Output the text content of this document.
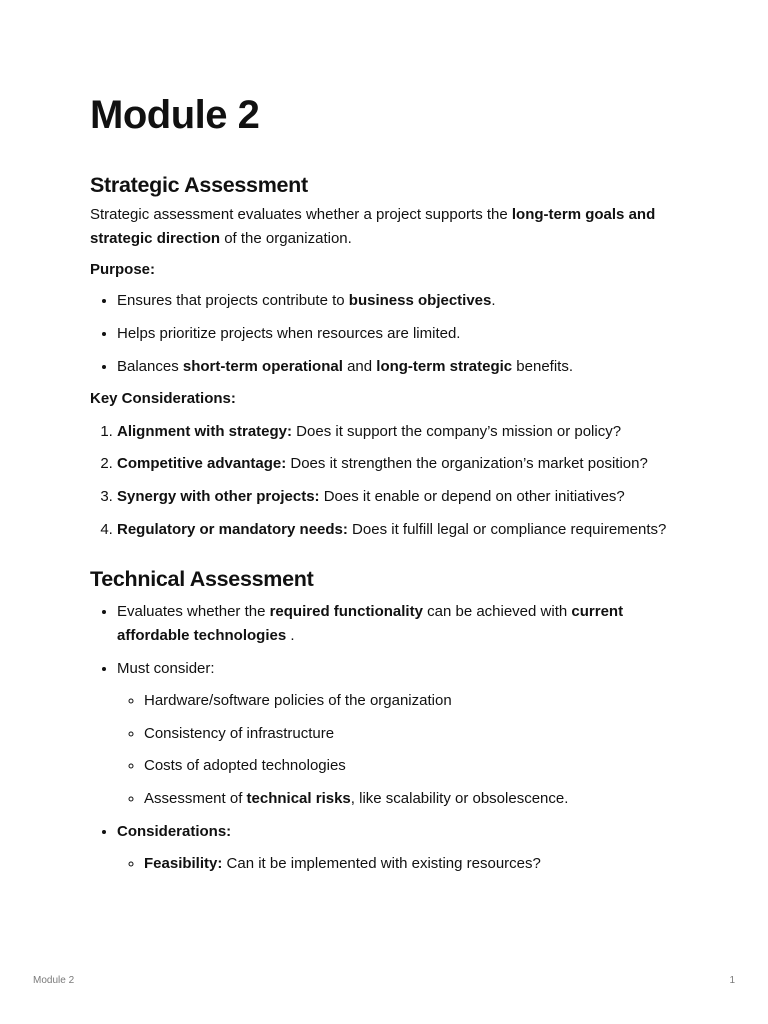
Module 2
Strategic Assessment

Strategic assessment evaluates whether a project supports the long-term goals and strategic direction of the organization.

Purpose:

• Ensures that projects contribute to business objectives.
• Helps prioritize projects when resources are limited.
• Balances short-term operational and long-term strategic benefits.

Key Considerations:

1. Alignment with strategy: Does it support the company’s mission or policy?
2. Competitive advantage: Does it strengthen the organization’s market position?
3. Synergy with other projects: Does it enable or depend on other initiatives?
4. Regulatory or mandatory needs: Does it fulfill legal or compliance requirements?
Technical Assessment
• Evaluates whether the required functionality can be achieved with current affordable technologies .
• Must consider:
◦ Hardware/software policies of the organization
◦ Consistency of infrastructure
◦ Costs of adopted technologies
◦ Assessment of technical risks, like scalability or obsolescence.
• Considerations:
◦ Feasibility: Can it be implemented with existing resources?
Module 2	1
